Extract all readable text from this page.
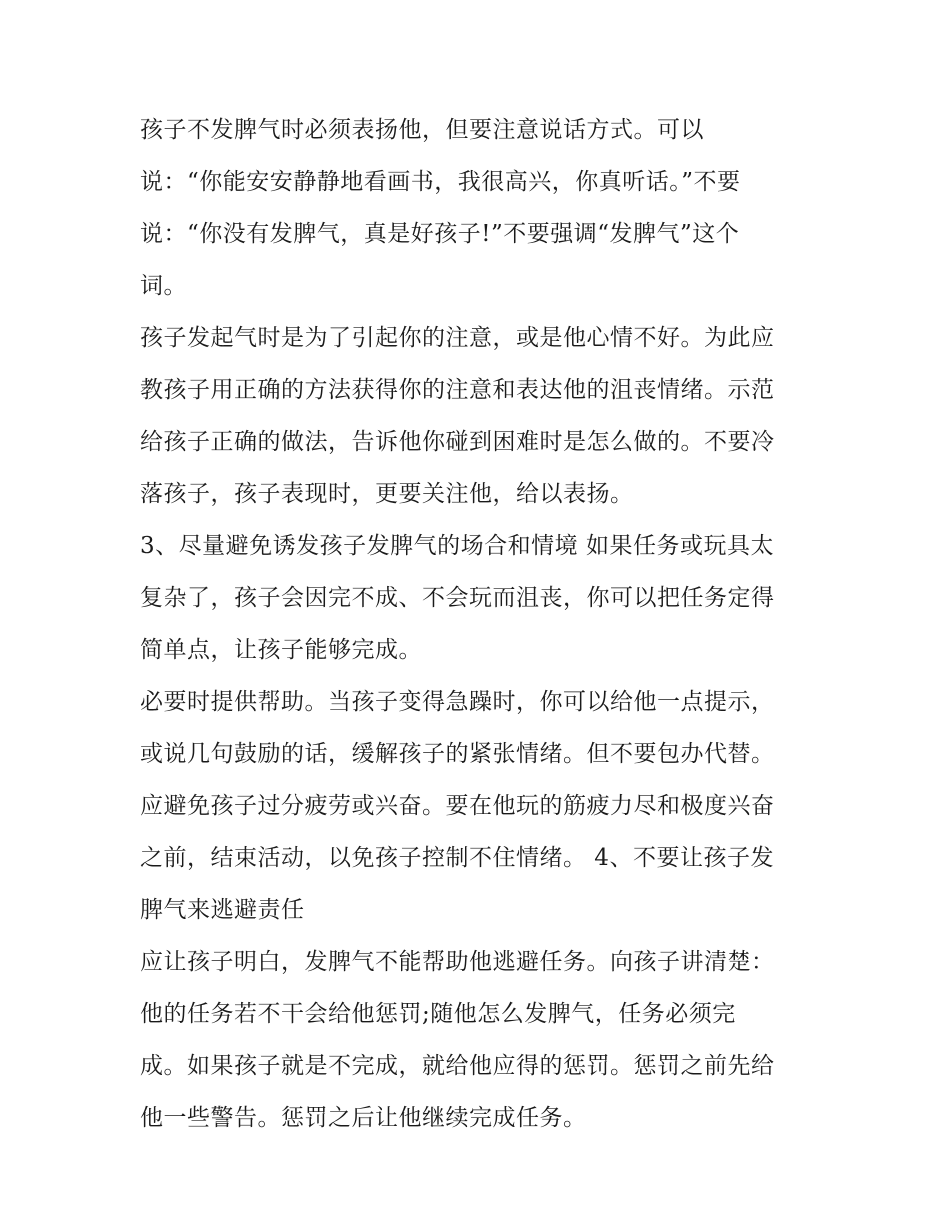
孩子不发脾气时必须表扬他，但要注意说话方式。可以
说：“你能安安静静地看画书，我很高兴，你真听话。”不要
说：“你没有发脾气，真是好孩子!”不要强调“发脾气”这个
词。
孩子发起气时是为了引起你的注意，或是他心情不好。为此应
教孩子用正确的方法获得你的注意和表达他的沮丧情绪。示范
给孩子正确的做法，告诉他你碰到困难时是怎么做的。不要冷
落孩子，孩子表现时，更要关注他，给以表扬。
3、尽量避免诱发孩子发脾气的场合和情境 如果任务或玩具太
复杂了，孩子会因完不成、不会玩而沮丧，你可以把任务定得
简单点，让孩子能够完成。
必要时提供帮助。当孩子变得急躁时，你可以给他一点提示，
或说几句鼓励的话，缓解孩子的紧张情绪。但不要包办代替。
应避免孩子过分疲劳或兴奋。要在他玩的筋疲力尽和极度兴奋
之前，结束活动，以免孩子控制不住情绪。 4、不要让孩子发
脾气来逃避责任
应让孩子明白，发脾气不能帮助他逃避任务。向孩子讲清楚：
他的任务若不干会给他惩罚;随他怎么发脾气，任务必须完
成。如果孩子就是不完成，就给他应得的惩罚。惩罚之前先给
他一些警告。惩罚之后让他继续完成任务。
